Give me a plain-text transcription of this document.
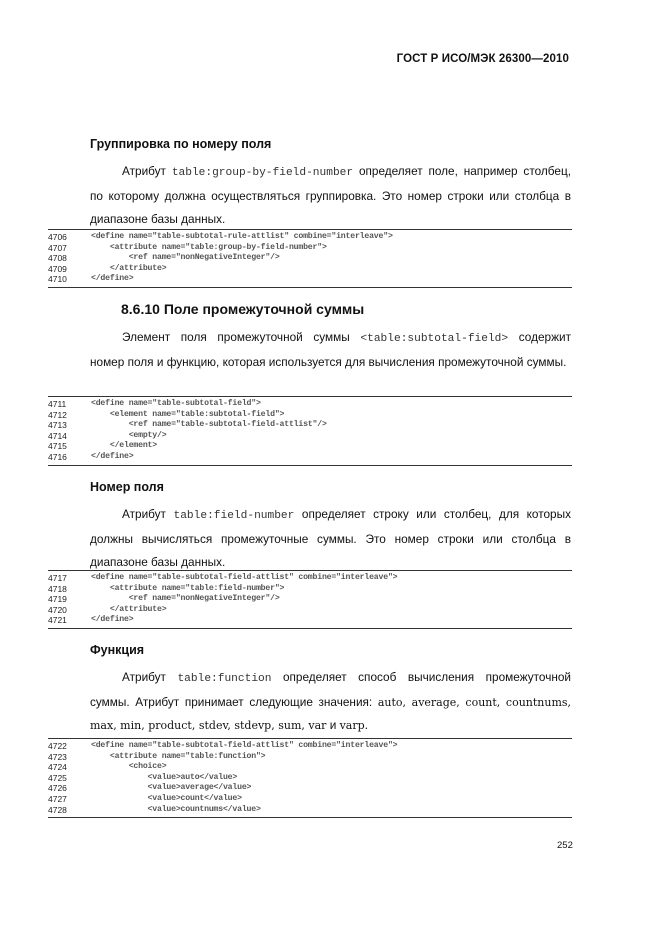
ГОСТ Р ИСО/МЭК 26300—2010
Группировка по номеру поля
Атрибут table:group-by-field-number определяет поле, например столбец, по которому должна осуществляться группировка. Это номер строки или столбца в диапазоне базы данных.
4706	<define name="table-subtotal-rule-attlist" combine="interleave">
4707	<attribute name="table:group-by-field-number">
4708	<ref name="nonNegativeInteger"/>
4709	</attribute>
4710	</define>
8.6.10 Поле промежуточной суммы
Элемент поля промежуточной суммы <table:subtotal-field> содержит номер поля и функцию, которая используется для вычисления промежуточной суммы.
4711	<define name="table-subtotal-field">
4712	<element name="table:subtotal-field">
4713	<ref name="table-subtotal-field-attlist"/>
4714	<empty/>
4715	</element>
4716	</define>
Номер поля
Атрибут table:field-number определяет строку или столбец, для которых должны вычисляться промежуточные суммы. Это номер строки или столбца в диапазоне базы данных.
4717	<define name="table-subtotal-field-attlist" combine="interleave">
4718	<attribute name="table:field-number">
4719	<ref name="nonNegativeInteger"/>
4720	</attribute>
4721	</define>
Функция
Атрибут table:function определяет способ вычисления промежуточной суммы. Атрибут принимает следующие значения: auto, average, count, countnums, max, min, product, stdev, stdevp, sum, var и varp.
4722	<define name="table-subtotal-field-attlist" combine="interleave">
4723	<attribute name="table:function">
4724	<choice>
4725	<value>auto</value>
4726	<value>average</value>
4727	<value>count</value>
4728	<value>countnums</value>
252
